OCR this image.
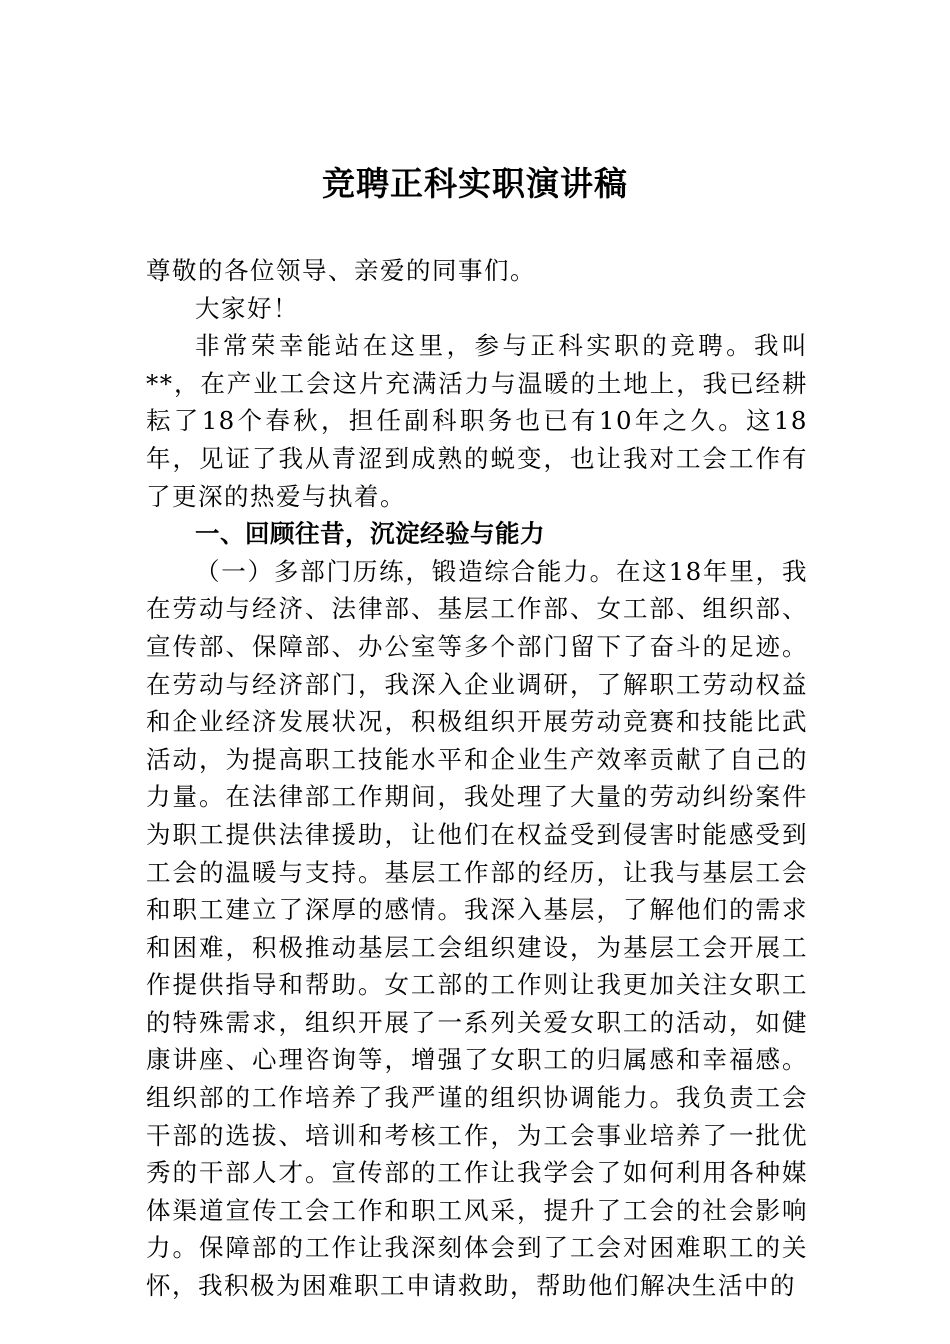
竞聘正科实职演讲稿

尊敬的各位领导、亲爱的同事们。

大家好！

非常荣幸能站在这里，参与正科实职的竞聘。我叫**，在产业工会这片充满活力与温暖的土地上，我已经耕耘了18个春秋，担任副科职务也已有10年之久。这18年，见证了我从青涩到成熟的蜕变，也让我对工会工作有了更深的热爱与执着。

一、回顾往昔，沉淀经验与能力

（一）多部门历练，锻造综合能力。在这18年里，我在劳动与经济、法律部、基层工作部、女工部、组织部、宣传部、保障部、办公室等多个部门留下了奋斗的足迹。在劳动与经济部门，我深入企业调研，了解职工劳动权益和企业经济发展状况，积极组织开展劳动竞赛和技能比武活动，为提高职工技能水平和企业生产效率贡献了自己的力量。在法律部工作期间，我处理了大量的劳动纠纷案件为职工提供法律援助，让他们在权益受到侵害时能感受到工会的温暖与支持。基层工作部的经历，让我与基层工会和职工建立了深厚的感情。我深入基层，了解他们的需求和困难，积极推动基层工会组织建设，为基层工会开展工作提供指导和帮助。女工部的工作则让我更加关注女职工的特殊需求，组织开展了一系列关爱女职工的活动，如健康讲座、心理咨询等，增强了女职工的归属感和幸福感。组织部的工作培养了我严谨的组织协调能力。我负责工会干部的选拔、培训和考核工作，为工会事业培养了一批优秀的干部人才。宣传部的工作让我学会了如何利用各种媒体渠道宣传工会工作和职工风采，提升了工会的社会影响力。保障部的工作让我深刻体会到了工会对困难职工的关怀，我积极为困难职工申请救助，帮助他们解决生活中的
